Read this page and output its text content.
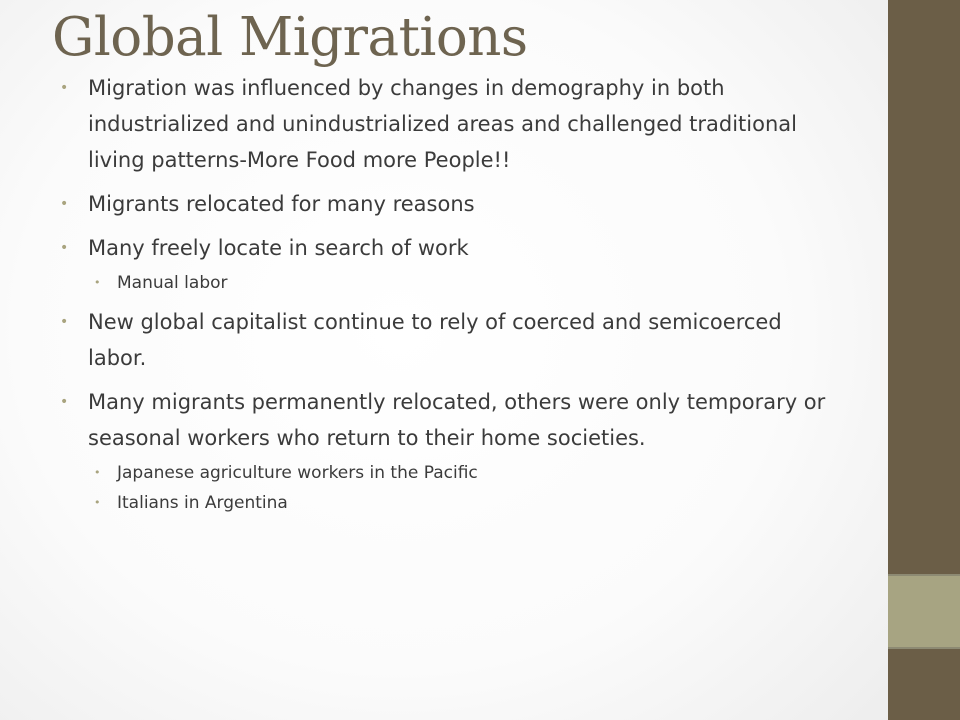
Global Migrations
• Migration was influenced by changes in demography in both industrialized and unindustrialized areas and challenged traditional living patterns-More Food more People!!
• Migrants relocated for many reasons
• Many freely locate in search of work
• Manual labor
• New global capitalist continue to rely of coerced and semicoerced labor.
• Many migrants permanently relocated, others were only temporary or seasonal workers who return to their home societies.
• Japanese agriculture workers in the Pacific
• Italians in Argentina
